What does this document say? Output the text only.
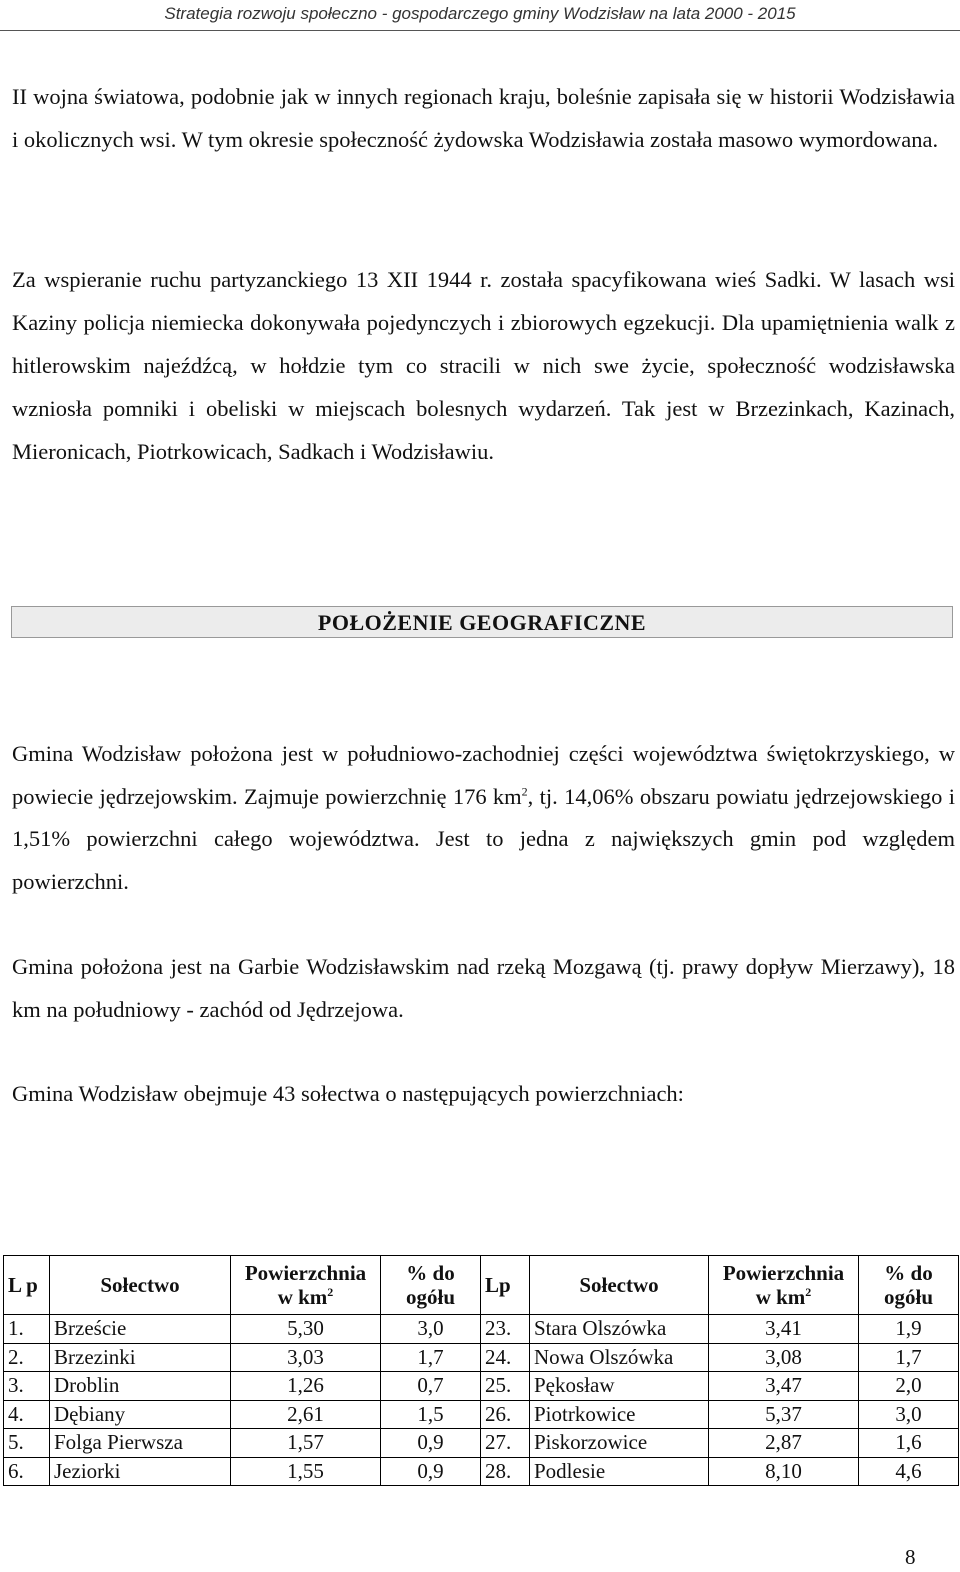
Strategia rozwoju społeczno - gospodarczego gminy Wodzisław na lata 2000 - 2015

II wojna światowa, podobnie jak w innych regionach kraju, boleśnie zapisała się w historii Wodzisławia i okolicznych wsi. W tym okresie społeczność żydowska Wodzisławia została masowo wymordowana.

Za wspieranie ruchu partyzanckiego 13 XII 1944 r. została spacyfikowana wieś Sadki. W lasach wsi Kaziny policja niemiecka dokonywała pojedynczych i zbiorowych egzekucji. Dla upamiętnienia walk z hitlerowskim najeźdźcą, w hołdzie tym co stracili w nich swe życie, społeczność wodzisławska wzniosła pomniki i obeliski w miejscach bolesnych wydarzeń. Tak jest w Brzezinkach, Kazinach, Mieronicach, Piotrkowicach, Sadkach i Wodzisławiu.

POŁOŻENIE GEOGRAFICZNE

Gmina Wodzisław położona jest w południowo-zachodniej części województwa świętokrzyskiego, w powiecie jędrzejowskim. Zajmuje powierzchnię 176 $km^2$, tj. 14,06% obszaru powiatu jędrzejowskiego i 1,51% powierzchni całego województwa. Jest to jedna z największych gmin pod względem powierzchni.

Gmina położona jest na Garbie Wodzisławskim nad rzeką Mozgawą (tj. prawy dopływ Mierzawy), 18 km na południowy - zachód od Jędrzejowa.

Gmina Wodzisław obejmuje 43 sołectwa o następujących powierzchniach:

L p	Sołectwo	Powierzchnia w $km^2$	% do ogółu	Lp	Sołectwo	Powierzchnia w $km^2$	% do ogółu
1.	Brzeście	5,30	3,0	23.	Stara Olszówka	3,41	1,9
2.	Brzezinki	3,03	1,7	24.	Nowa Olszówka	3,08	1,7
3.	Droblin	1,26	0,7	25.	Pękosław	3,47	2,0
4.	Dębiany	2,61	1,5	26.	Piotrkowice	5,37	3,0
5.	Folga Pierwsza	1,57	0,9	27.	Piskorzowice	2,87	1,6
6.	Jeziorki	1,55	0,9	28.	Podlesie	8,10	4,6
8
